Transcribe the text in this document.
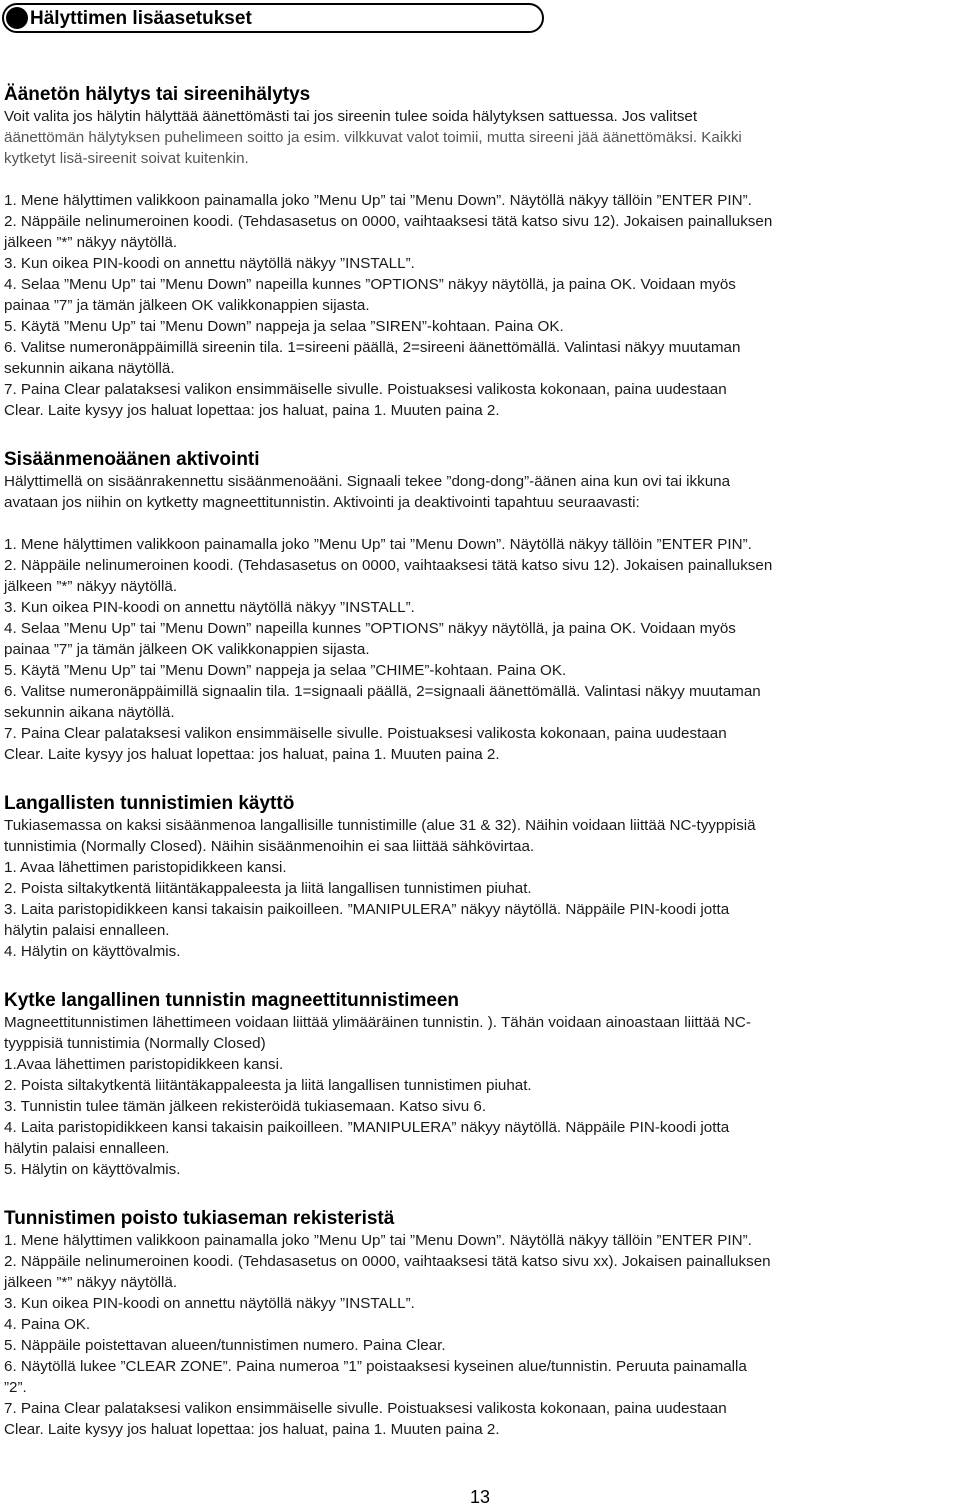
Hälyttimen lisäasetukset
Äänetön hälytys tai sireenihälytys

Voit valita jos hälytin hälyttää äänettömästi tai jos sireenin tulee soida hälytyksen sattuessa. Jos valitset

äänettömän hälytyksen puhelimeen soitto ja esim. vilkkuvat valot toimii, mutta sireeni jää äänettömäksi. Kaikki

kytketyt lisä-sireenit soivat kuitenkin.

1. Mene hälyttimen valikkoon painamalla joko ”Menu Up” tai ”Menu Down”. Näytöllä näkyy tällöin ”ENTER PIN”.

2. Näppäile nelinumeroinen koodi. (Tehdasasetus on 0000, vaihtaaksesi tätä katso sivu 12). Jokaisen painalluksen

jälkeen ”*” näkyy näytöllä.

3. Kun oikea PIN-koodi on annettu näytöllä näkyy ”INSTALL”.

4. Selaa ”Menu Up” tai ”Menu Down” napeilla kunnes ”OPTIONS” näkyy näytöllä, ja paina OK. Voidaan myös

painaa ”7” ja tämän jälkeen OK valikkonappien sijasta.

5. Käytä ”Menu Up” tai ”Menu Down” nappeja ja selaa ”SIREN”-kohtaan. Paina OK.

6. Valitse numeronäppäimillä sireenin tila. 1=sireeni päällä, 2=sireeni äänettömällä. Valintasi näkyy muutaman

sekunnin aikana näytöllä.

7. Paina Clear palataksesi valikon ensimmäiselle sivulle. Poistuaksesi valikosta kokonaan, paina uudestaan

Clear. Laite kysyy jos haluat lopettaa: jos haluat, paina 1. Muuten paina 2.

Sisäänmenoäänen aktivointi

Hälyttimellä on sisäänrakennettu sisäänmenoääni. Signaali tekee ”dong-dong”-äänen aina kun ovi tai ikkuna

avataan jos niihin on kytketty magneettitunnistin. Aktivointi ja deaktivointi tapahtuu seuraavasti:

1. Mene hälyttimen valikkoon painamalla joko ”Menu Up” tai ”Menu Down”. Näytöllä näkyy tällöin ”ENTER PIN”.

2. Näppäile nelinumeroinen koodi. (Tehdasasetus on 0000, vaihtaaksesi tätä katso sivu 12). Jokaisen painalluksen

jälkeen ”*” näkyy näytöllä.

3. Kun oikea PIN-koodi on annettu näytöllä näkyy ”INSTALL”.

4. Selaa ”Menu Up” tai ”Menu Down” napeilla kunnes ”OPTIONS” näkyy näytöllä, ja paina OK. Voidaan myös

painaa ”7” ja tämän jälkeen OK valikkonappien sijasta.

5. Käytä ”Menu Up” tai ”Menu Down” nappeja ja selaa ”CHIME”-kohtaan. Paina OK.

6. Valitse numeronäppäimillä signaalin tila. 1=signaali päällä, 2=signaali äänettömällä. Valintasi näkyy muutaman

sekunnin aikana näytöllä.

7. Paina Clear palataksesi valikon ensimmäiselle sivulle. Poistuaksesi valikosta kokonaan, paina uudestaan

Clear. Laite kysyy jos haluat lopettaa: jos haluat, paina 1. Muuten paina 2.

Langallisten tunnistimien käyttö

Tukiasemassa on kaksi sisäänmenoa langallisille tunnistimille (alue 31 & 32). Näihin voidaan liittää NC-tyyppisiä

tunnistimia (Normally Closed). Näihin sisäänmenoihin ei saa liittää sähkövirtaa.

1. Avaa lähettimen paristopidikkeen kansi.

2. Poista siltakytkentä liitäntäkappaleesta ja liitä langallisen tunnistimen piuhat.

3. Laita paristopidikkeen kansi takaisin paikoilleen. ”MANIPULERA” näkyy näytöllä. Näppäile PIN-koodi jotta

hälytin palaisi ennalleen.

4. Hälytin on käyttövalmis.

Kytke langallinen tunnistin magneettitunnistimeen

Magneettitunnistimen lähettimeen voidaan liittää ylimääräinen tunnistin. ). Tähän voidaan ainoastaan liittää NC-

tyyppisiä tunnistimia (Normally Closed)

1.Avaa lähettimen paristopidikkeen kansi.

2. Poista siltakytkentä liitäntäkappaleesta ja liitä langallisen tunnistimen piuhat.

3. Tunnistin tulee tämän jälkeen rekisteröidä tukiasemaan. Katso sivu 6.

4. Laita paristopidikkeen kansi takaisin paikoilleen. ”MANIPULERA” näkyy näytöllä. Näppäile PIN-koodi jotta

hälytin palaisi ennalleen.

5. Hälytin on käyttövalmis.

Tunnistimen poisto tukiaseman rekisteristä

1. Mene hälyttimen valikkoon painamalla joko ”Menu Up” tai ”Menu Down”. Näytöllä näkyy tällöin ”ENTER PIN”.

2. Näppäile nelinumeroinen koodi. (Tehdasasetus on 0000, vaihtaaksesi tätä katso sivu xx). Jokaisen painalluksen

jälkeen ”*” näkyy näytöllä.

3. Kun oikea PIN-koodi on annettu näytöllä näkyy ”INSTALL”.

4. Paina OK.

5. Näppäile poistettavan alueen/tunnistimen numero. Paina Clear.

6. Näytöllä lukee ”CLEAR ZONE”. Paina numeroa ”1” poistaaksesi kyseinen alue/tunnistin. Peruuta painamalla

”2”.

7. Paina Clear palataksesi valikon ensimmäiselle sivulle. Poistuaksesi valikosta kokonaan, paina uudestaan

Clear. Laite kysyy jos haluat lopettaa: jos haluat, paina 1. Muuten paina 2.

13
